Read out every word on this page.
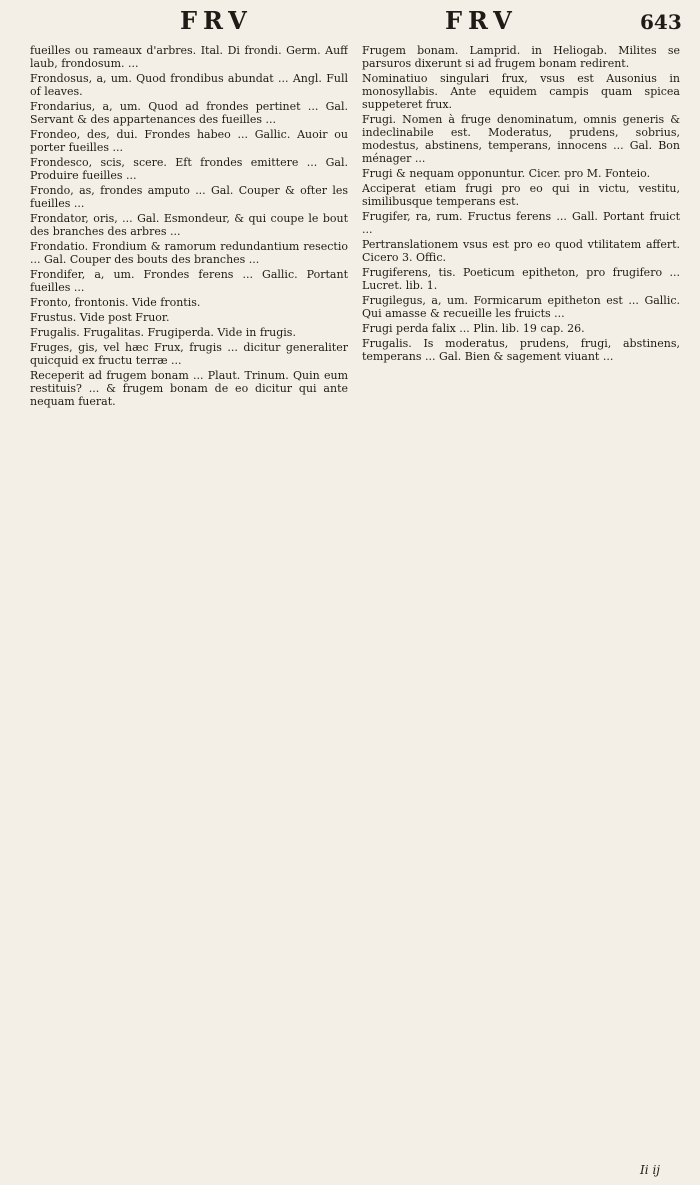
FRV	FRV	643

fueilles ou rameaux d'arbres. Ital. Di frondi. Germ. Auff laub, frondosum. ...

Frondosus, a, um. Quod frondibus abundat ... Angl. Full of leaves.

Frondarius, a, um. Quod ad frondes pertinet ... Gal. Servant & des appartenances des fueilles ...

Frondeo, des, dui. Frondes habeo ... Gallic. Auoir ou porter fueilles ...

Frondesco, scis, scere. Eft frondes emittere ... Gal. Produire fueilles ...

Frondo, as, frondes amputo ... Gal. Couper & ofter les fueilles ...

Frondator, oris, ... Gal. Esmondeur, & qui coupe le bout des branches des arbres ...

Frondatio. Frondium & ramorum redundantium resectio ... Gal. Couper des bouts des branches ...

Frondifer, a, um. Frondes ferens ... Gallic. Portant fueilles ...

Fronto, frontonis. Vide frontis.

Frustus. Vide post Fruor.

Frugalis. Frugalitas. Frugiperda. Vide in frugis.

Fruges, gis, vel hæc Frux, frugis ... dicitur generaliter quicquid ex fructu terræ ...

Receperit ad frugem bonam ... Plaut. Trinum. Quin eum restituis? ... & frugem bonam de eo dicitur qui ante nequam fuerat.

Frugem bonam. Lamprid. in Heliogab. Milites se parsuros dixerunt si ad frugem bonam redirent.

Nominatiuo singulari frux, vsus est Ausonius in monosyllabis. Ante equidem campis quam spicea suppeteret frux.

Frugi. Nomen à fruge denominatum, omnis generis & indeclinabile est. Moderatus, prudens, sobrius, modestus, abstinens, temperans, innocens ... Gal. Bon ménager ...

Frugi & nequam opponuntur. Cicer. pro M. Fonteio.

Acciperat etiam frugi pro eo qui in victu, vestitu, similibusque temperans est.

Frugifer, ra, rum. Fructus ferens ... Gall. Portant fruict ...

Pertranslationem vsus est pro eo quod vtilitatem affert. Cicero 3. Offic.

Frugiferens, tis. Poeticum epitheton, pro frugifero ... Lucret. lib. 1.

Frugilegus, a, um. Formicarum epitheton est ... Gallic. Qui amasse & recueille les fruicts ...

Frugi perda falix ... Plin. lib. 19 cap. 26.

Frugalis. Is moderatus, prudens, frugi, abstinens, temperans ... Gal. Bien & sagement viuant ...

Ii ij
